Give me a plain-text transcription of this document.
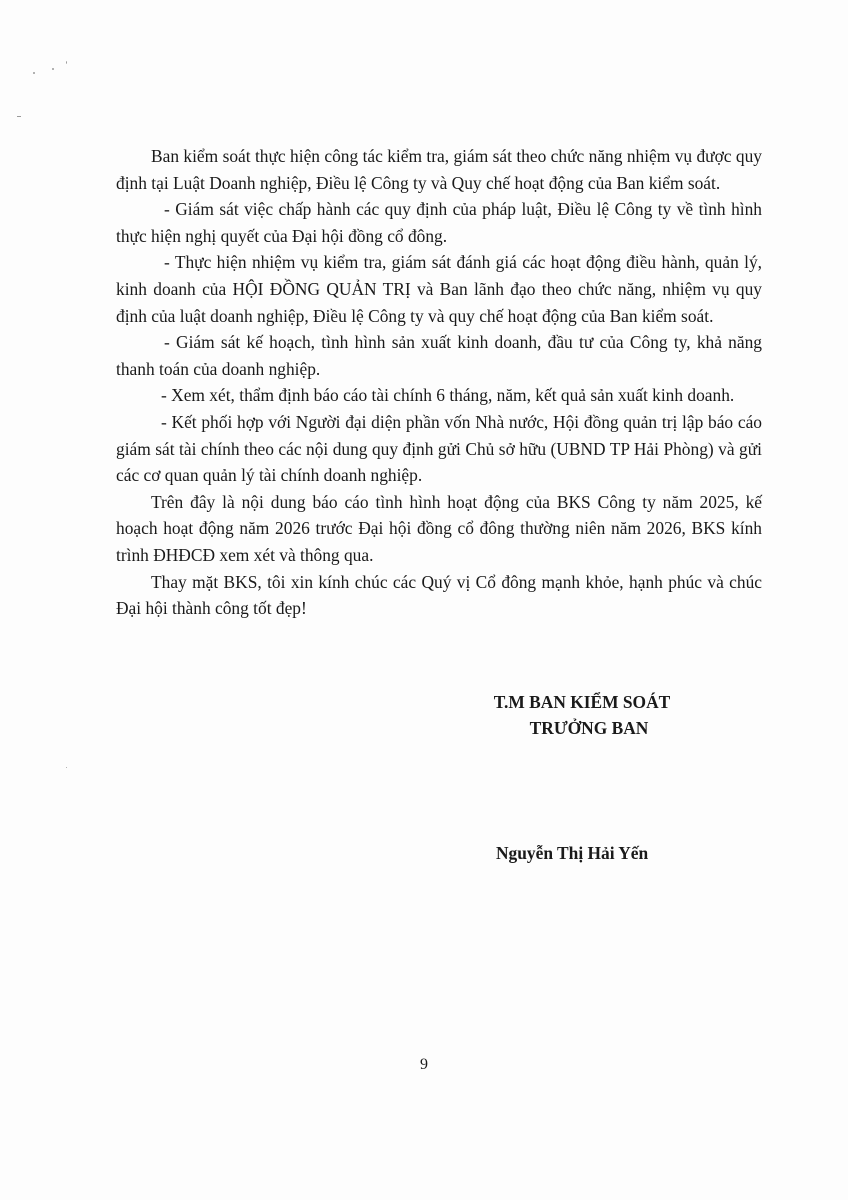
Ban kiểm soát thực hiện công tác kiểm tra, giám sát theo chức năng nhiệm vụ được quy định tại Luật Doanh nghiệp, Điều lệ Công ty và Quy chế hoạt động của Ban kiểm soát.

- Giám sát việc chấp hành các quy định của pháp luật, Điều lệ Công ty về tình hình thực hiện nghị quyết của Đại hội đồng cổ đông.

- Thực hiện nhiệm vụ kiểm tra, giám sát đánh giá các hoạt động điều hành, quản lý, kinh doanh của HỘI ĐỒNG QUẢN TRỊ và Ban lãnh đạo theo chức năng, nhiệm vụ quy định của luật doanh nghiệp, Điều lệ Công ty và quy chế hoạt động của Ban kiểm soát.

- Giám sát kế hoạch, tình hình sản xuất kinh doanh, đầu tư của Công ty, khả năng thanh toán của doanh nghiệp.

- Xem xét, thẩm định báo cáo tài chính 6 tháng, năm, kết quả sản xuất kinh doanh.

- Kết phối hợp với Người đại diện phần vốn Nhà nước, Hội đồng quản trị lập báo cáo giám sát tài chính theo các nội dung quy định gửi Chủ sở hữu (UBND TP Hải Phòng) và gửi các cơ quan quản lý tài chính doanh nghiệp.

Trên đây là nội dung báo cáo tình hình hoạt động của BKS Công ty năm 2025, kế hoạch hoạt động năm 2026 trước Đại hội đồng cổ đông thường niên năm 2026, BKS kính trình ĐHĐCĐ xem xét và thông qua.

Thay mặt BKS, tôi xin kính chúc các Quý vị Cổ đông mạnh khỏe, hạnh phúc và chúc Đại hội thành công tốt đẹp!

T.M BAN KIỂM SOÁT
TRƯỞNG BAN
Nguyễn Thị Hải Yến
9
